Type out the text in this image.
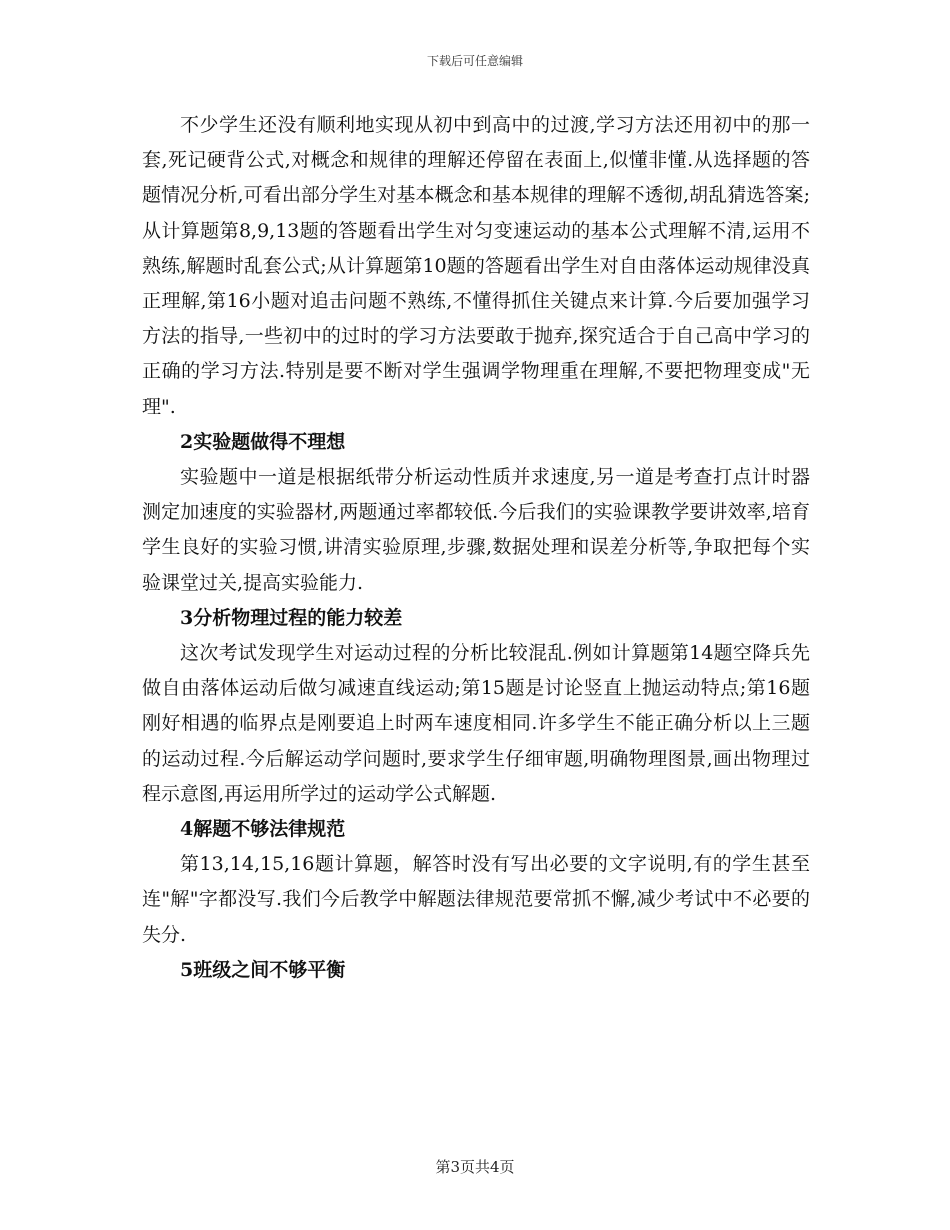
下载后可任意编辑

不少学生还没有顺利地实现从初中到高中的过渡,学习方法还用初中的那一套,死记硬背公式,对概念和规律的理解还停留在表面上,似懂非懂.从选择题的答题情况分析,可看出部分学生对基本概念和基本规律的理解不透彻,胡乱猜选答案;从计算题第8,9,13题的答题看出学生对匀变速运动的基本公式理解不清,运用不熟练,解题时乱套公式;从计算题第10题的答题看出学生对自由落体运动规律没真正理解,第16小题对追击问题不熟练,不懂得抓住关键点来计算.今后要加强学习方法的指导,一些初中的过时的学习方法要敢于抛弃,探究适合于自己高中学习的正确的学习方法.特别是要不断对学生强调学物理重在理解,不要把物理变成"无理".

2实验题做得不理想

实验题中一道是根据纸带分析运动性质并求速度,另一道是考查打点计时器测定加速度的实验器材,两题通过率都较低.今后我们的实验课教学要讲效率,培育学生良好的实验习惯,讲清实验原理,步骤,数据处理和误差分析等,争取把每个实验课堂过关,提高实验能力.

3分析物理过程的能力较差

这次考试发现学生对运动过程的分析比较混乱.例如计算题第14题空降兵先做自由落体运动后做匀减速直线运动;第15题是讨论竖直上抛运动特点;第16题刚好相遇的临界点是刚要追上时两车速度相同.许多学生不能正确分析以上三题的运动过程.今后解运动学问题时,要求学生仔细审题,明确物理图景,画出物理过程示意图,再运用所学过的运动学公式解题.

4解题不够法律规范

第13,14,15,16题计算题，解答时没有写出必要的文字说明,有的学生甚至连"解"字都没写.我们今后教学中解题法律规范要常抓不懈,减少考试中不必要的失分.

5班级之间不够平衡

第3页共4页
